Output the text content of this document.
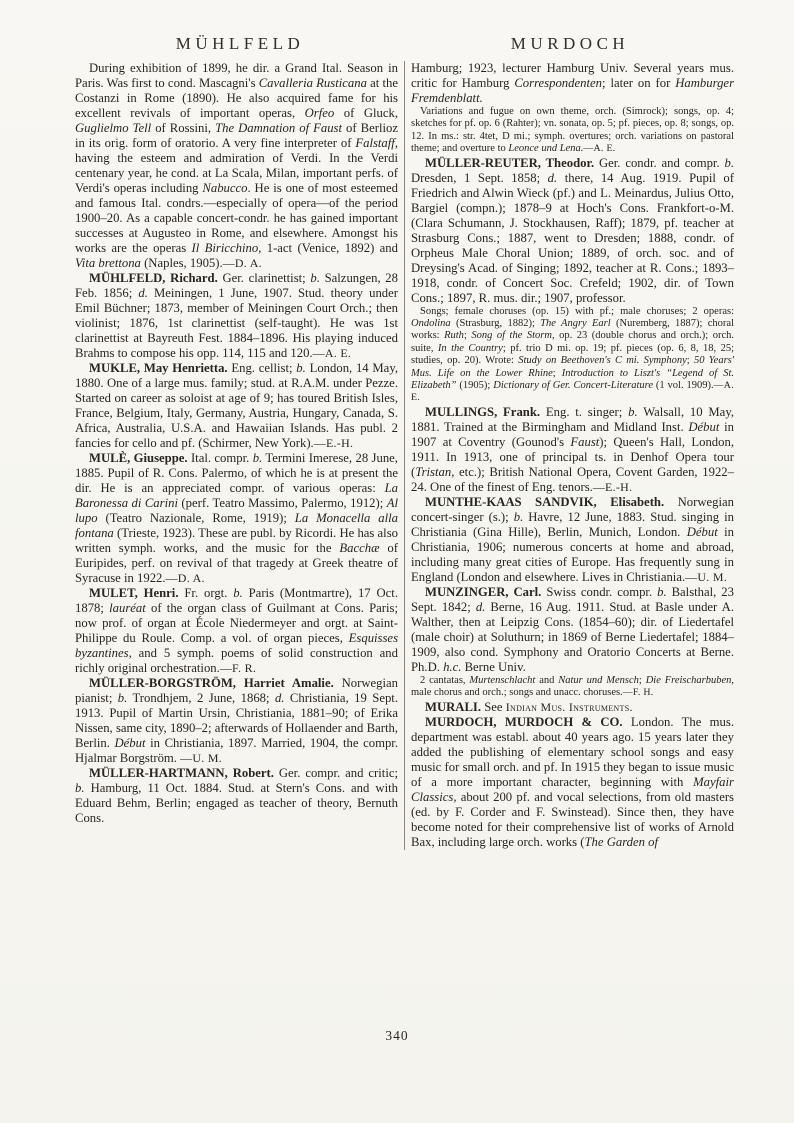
MÜHLFELD	MURDOCH

During exhibition of 1899, he dir. a Grand Ital. Season in Paris. Was first to cond. Mascagni's Cavalleria Rusticana at the Costanzi in Rome (1890). He also acquired fame for his excellent revivals of important operas, Orfeo of Gluck, Guglielmo Tell of Rossini, The Damnation of Faust of Berlioz in its orig. form of oratorio. A very fine interpreter of Falstaff, having the esteem and admiration of Verdi. In the Verdi centenary year, he cond. at La Scala, Milan, important perfs. of Verdi's operas including Nabucco. He is one of most esteemed and famous Ital. condrs.—especially of opera—of the period 1900–20. As a capable concert-condr. he has gained important successes at Augusteo in Rome, and elsewhere. Amongst his works are the operas Il Biricchino, 1-act (Venice, 1892) and Vita brettona (Naples, 1905).—D. A.

MÜHLFELD, Richard. Ger. clarinettist; b. Salzungen, 28 Feb. 1856; d. Meiningen, 1 June, 1907. Stud. theory under Emil Büchner; 1873, member of Meiningen Court Orch.; then violinist; 1876, 1st clarinettist (self-taught). He was 1st clarinettist at Bayreuth Fest. 1884–1896. His playing induced Brahms to compose his opp. 114, 115 and 120.—A. E.

MUKLE, May Henrietta. Eng. cellist; b. London, 14 May, 1880. One of a large mus. family; stud. at R.A.M. under Pezze. Started on career as soloist at age of 9; has toured British Isles, France, Belgium, Italy, Germany, Austria, Hungary, Canada, S. Africa, Australia, U.S.A. and Hawaiian Islands. Has publ. 2 fancies for cello and pf. (Schirmer, New York).—E.-H.

MULÈ, Giuseppe. Ital. compr. b. Termini Imerese, 28 June, 1885. Pupil of R. Cons. Palermo, of which he is at present the dir. He is an appreciated compr. of various operas: La Baronessa di Carini (perf. Teatro Massimo, Palermo, 1912); Al lupo (Teatro Nazionale, Rome, 1919); La Monacella alla fontana (Trieste, 1923). These are publ. by Ricordi. He has also written symph. works, and the music for the Bacchæ of Euripides, perf. on revival of that tragedy at Greek theatre of Syracuse in 1922.—D. A.

MULET, Henri. Fr. orgt. b. Paris (Montmartre), 17 Oct. 1878; lauréat of the organ class of Guilmant at Cons. Paris; now prof. of organ at École Niedermeyer and orgt. at Saint-Philippe du Roule. Comp. a vol. of organ pieces, Esquisses byzantines, and 5 symph. poems of solid construction and richly original orchestration.—F. R.

MÜLLER-BORGSTRÖM, Harriet Amalie. Norwegian pianist; b. Trondhjem, 2 June, 1868; d. Christiania, 19 Sept. 1913. Pupil of Martin Ursin, Christiania, 1881–90; of Erika Nissen, same city, 1890–2; afterwards of Hollaender and Barth, Berlin. Début in Christiania, 1897. Married, 1904, the compr. Hjalmar Borgström. —U. M.

MÜLLER-HARTMANN, Robert. Ger. compr. and critic; b. Hamburg, 11 Oct. 1884. Stud. at Stern's Cons. and with Eduard Behm, Berlin; engaged as teacher of theory, Bernuth Cons.

Hamburg; 1923, lecturer Hamburg Univ. Several years mus. critic for Hamburg Correspondenten; later on for Hamburger Fremdenblatt.

Variations and fugue on own theme, orch. (Simrock); songs, op. 4; sketches for pf. op. 6 (Rahter); vn. sonata, op. 5; pf. pieces, op. 8; songs, op. 12. In ms.: str. 4tet, D mi.; symph. overtures; orch. variations on pastoral theme; and overture to Leonce und Lena.—A. E.

MÜLLER-REUTER, Theodor. Ger. condr. and compr. b. Dresden, 1 Sept. 1858; d. there, 14 Aug. 1919. Pupil of Friedrich and Alwin Wieck (pf.) and L. Meinardus, Julius Otto, Bargiel (compn.); 1878–9 at Hoch's Cons. Frankfort-o-M. (Clara Schumann, J. Stockhausen, Raff); 1879, pf. teacher at Strasburg Cons.; 1887, went to Dresden; 1888, condr. of Orpheus Male Choral Union; 1889, of orch. soc. and of Dreysing's Acad. of Singing; 1892, teacher at R. Cons.; 1893–1918, condr. of Concert Soc. Crefeld; 1902, dir. of Town Cons.; 1897, R. mus. dir.; 1907, professor.

Songs; female choruses (op. 15) with pf.; male choruses; 2 operas: Ondolina (Strasburg, 1882); The Angry Earl (Nuremberg, 1887); choral works: Ruth; Song of the Storm, op. 23 (double chorus and orch.); orch. suite, In the Country; pf. trio D mi. op. 19; pf. pieces (op. 6, 8, 18, 25; studies, op. 20). Wrote: Study on Beethoven's C mi. Symphony; 50 Years' Mus. Life on the Lower Rhine; Introduction to Liszt's “Legend of St. Elizabeth” (1905); Dictionary of Ger. Concert-Literature (1 vol. 1909).—A. E.

MULLINGS, Frank. Eng. t. singer; b. Walsall, 10 May, 1881. Trained at the Birmingham and Midland Inst. Début in 1907 at Coventry (Gounod's Faust); Queen's Hall, London, 1911. In 1913, one of principal ts. in Denhof Opera tour (Tristan, etc.); British National Opera, Covent Garden, 1922–24. One of the finest of Eng. tenors.—E.-H.

MUNTHE-KAAS SANDVIK, Elisabeth. Norwegian concert-singer (s.); b. Havre, 12 June, 1883. Stud. singing in Christiania (Gina Hille), Berlin, Munich, London. Début in Christiania, 1906; numerous concerts at home and abroad, including many great cities of Europe. Has frequently sung in England (London and elsewhere. Lives in Christiania.—U. M.

MUNZINGER, Carl. Swiss condr. compr. b. Balsthal, 23 Sept. 1842; d. Berne, 16 Aug. 1911. Stud. at Basle under A. Walther, then at Leipzig Cons. (1854–60); dir. of Liedertafel (male choir) at Soluthurn; in 1869 of Berne Liedertafel; 1884–1909, also cond. Symphony and Oratorio Concerts at Berne. Ph.D. h.c. Berne Univ.

2 cantatas, Murtenschlacht and Natur und Mensch; Die Freischarbuben, male chorus and orch.; songs and unacc. choruses.—F. H.

MURALI. See Indian Mus. Instruments.

MURDOCH, MURDOCH & CO. London. The mus. department was establ. about 40 years ago. 15 years later they added the publishing of elementary school songs and easy music for small orch. and pf. In 1915 they began to issue music of a more important character, beginning with Mayfair Classics, about 200 pf. and vocal selections, from old masters (ed. by F. Corder and F. Swinstead). Since then, they have become noted for their comprehensive list of works of Arnold Bax, including large orch. works (The Garden of

340
